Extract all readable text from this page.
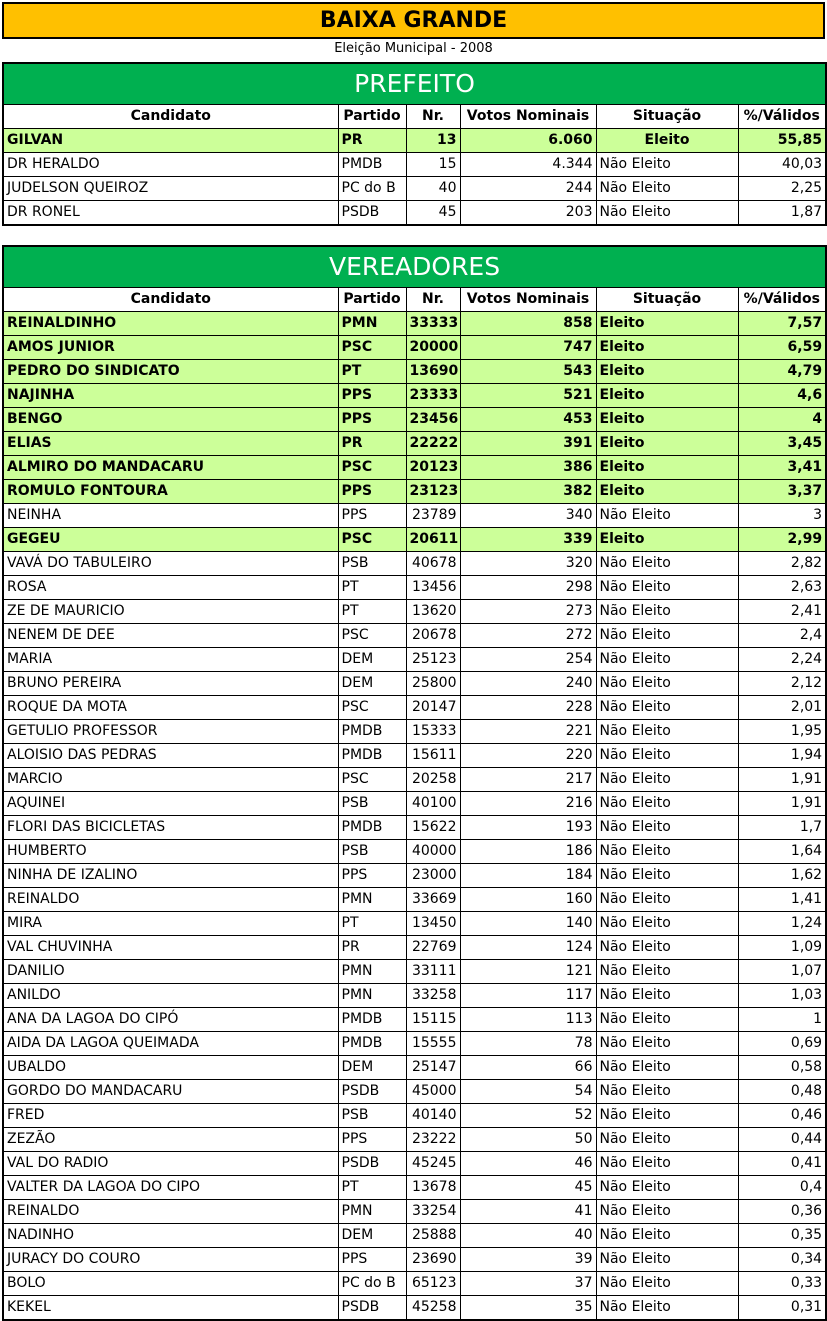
BAIXA GRANDE
Eleição Municipal - 2008
PREFEITO					
Candidato	Partido	Nr.	Votos Nominais	Situação	%/Válidos
GILVAN	PR	13	6.060	Eleito	55,85
DR HERALDO	PMDB	15	4.344	Não Eleito	40,03
JUDELSON QUEIROZ	PC do B	40	244	Não Eleito	2,25
DR RONEL	PSDB	45	203	Não Eleito	1,87
VEREADORES					
Candidato	Partido	Nr.	Votos Nominais	Situação	%/Válidos
REINALDINHO	PMN	33333	858	Eleito	7,57
AMOS JUNIOR	PSC	20000	747	Eleito	6,59
PEDRO DO SINDICATO	PT	13690	543	Eleito	4,79
NAJINHA	PPS	23333	521	Eleito	4,6
BENGO	PPS	23456	453	Eleito	4
ELIAS	PR	22222	391	Eleito	3,45
ALMIRO DO MANDACARU	PSC	20123	386	Eleito	3,41
ROMULO FONTOURA	PPS	23123	382	Eleito	3,37
NEINHA	PPS	23789	340	Não Eleito	3
GEGEU	PSC	20611	339	Eleito	2,99
VAVÁ DO TABULEIRO	PSB	40678	320	Não Eleito	2,82
ROSA	PT	13456	298	Não Eleito	2,63
ZE DE MAURICIO	PT	13620	273	Não Eleito	2,41
NENEM DE DEE	PSC	20678	272	Não Eleito	2,4
MARIA	DEM	25123	254	Não Eleito	2,24
BRUNO PEREIRA	DEM	25800	240	Não Eleito	2,12
ROQUE DA MOTA	PSC	20147	228	Não Eleito	2,01
GETULIO PROFESSOR	PMDB	15333	221	Não Eleito	1,95
ALOISIO DAS PEDRAS	PMDB	15611	220	Não Eleito	1,94
MARCIO	PSC	20258	217	Não Eleito	1,91
AQUINEI	PSB	40100	216	Não Eleito	1,91
FLORI DAS BICICLETAS	PMDB	15622	193	Não Eleito	1,7
HUMBERTO	PSB	40000	186	Não Eleito	1,64
NINHA DE IZALINO	PPS	23000	184	Não Eleito	1,62
REINALDO	PMN	33669	160	Não Eleito	1,41
MIRA	PT	13450	140	Não Eleito	1,24
VAL CHUVINHA	PR	22769	124	Não Eleito	1,09
DANILIO	PMN	33111	121	Não Eleito	1,07
ANILDO	PMN	33258	117	Não Eleito	1,03
ANA DA LAGOA DO CIPÓ	PMDB	15115	113	Não Eleito	1
AIDA DA LAGOA QUEIMADA	PMDB	15555	78	Não Eleito	0,69
UBALDO	DEM	25147	66	Não Eleito	0,58
GORDO DO MANDACARU	PSDB	45000	54	Não Eleito	0,48
FRED	PSB	40140	52	Não Eleito	0,46
ZEZÃO	PPS	23222	50	Não Eleito	0,44
VAL DO RADIO	PSDB	45245	46	Não Eleito	0,41
VALTER DA LAGOA DO CIPO	PT	13678	45	Não Eleito	0,4
REINALDO	PMN	33254	41	Não Eleito	0,36
NADINHO	DEM	25888	40	Não Eleito	0,35
JURACY DO COURO	PPS	23690	39	Não Eleito	0,34
BOLO	PC do B	65123	37	Não Eleito	0,33
KEKEL	PSDB	45258	35	Não Eleito	0,31
